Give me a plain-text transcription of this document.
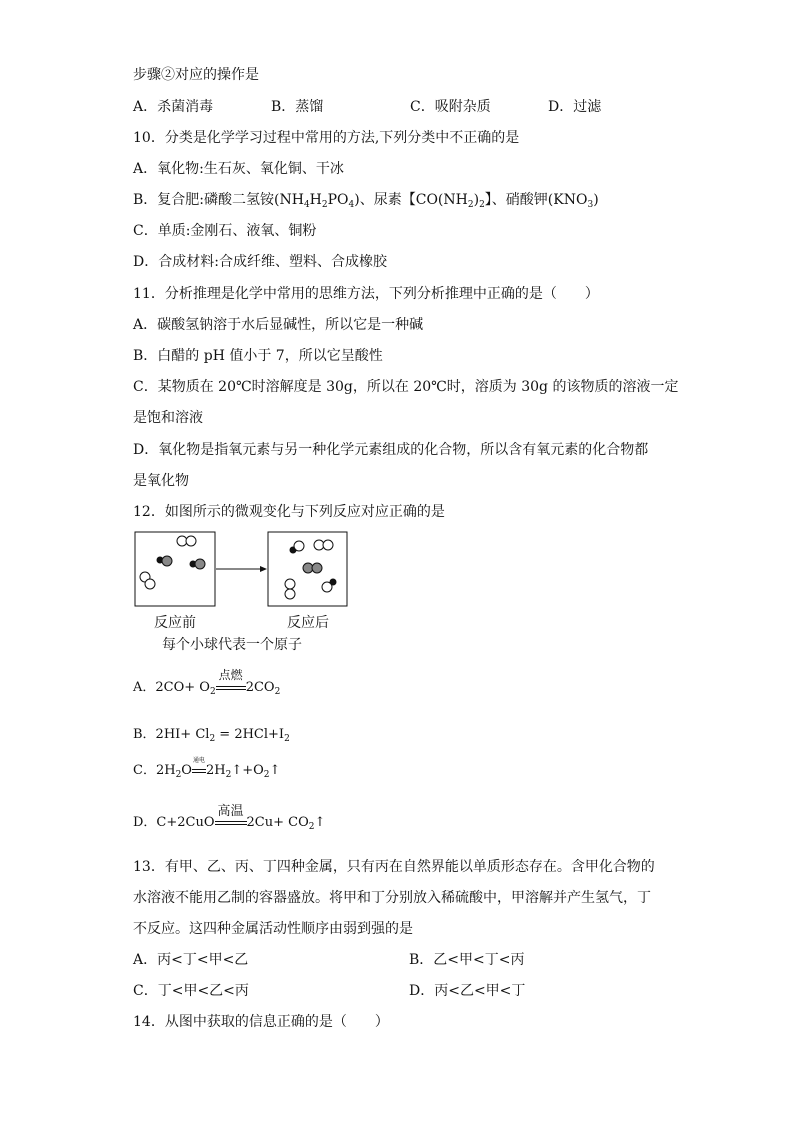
步骤②对应的操作是
A．杀菌消毒	B．蒸馏	C．吸附杂质	D．过滤
10．分类是化学学习过程中常用的方法,下列分类中不正确的是
A．氧化物:生石灰、氧化铜、干冰
B．复合肥:磷酸二氢铵$(NH_4H_2PO_4)$、尿素【$CO(NH_2)_2$】、硝酸钾$(KNO_3)$
C．单质:金刚石、液氧、铜粉
D．合成材料:合成纤维、塑料、合成橡胶
11．分析推理是化学中常用的思维方法，下列分析推理中正确的是（　　）
A．碳酸氢钠溶于水后显碱性，所以它是一种碱
B．白醋的 pH 值小于 7，所以它呈酸性
C．某物质在 20℃时溶解度是 30g，所以在 20℃时，溶质为 30g 的该物质的溶液一定
是饱和溶液
D．氧化物是指氧元素与另一种化学元素组成的化合物，所以含有氧元素的化合物都
是氧化物
12．如图所示的微观变化与下列反应对应正确的是
反应前	反应后
每个小球代表一个原子
A．$2CO+ O_2$
点燃
$2CO_2$
B．$2HI+ Cl_2 = 2HCl+I_2$
C．$2H_2O$
通电
$2H_2↑+O_2↑$
D．C+2CuO
高温
$2Cu+ CO_2↑$
13．有甲、乙、丙、丁四种金属，只有丙在自然界能以单质形态存在。含甲化合物的
水溶液不能用乙制的容器盛放。将甲和丁分别放入稀硫酸中，甲溶解并产生氢气，丁
不反应。这四种金属活动性顺序由弱到强的是
A．丙<丁<甲<乙	B．乙<甲<丁<丙
C．丁<甲<乙<丙	D．丙<乙<甲<丁
14．从图中获取的信息正确的是（　　）
